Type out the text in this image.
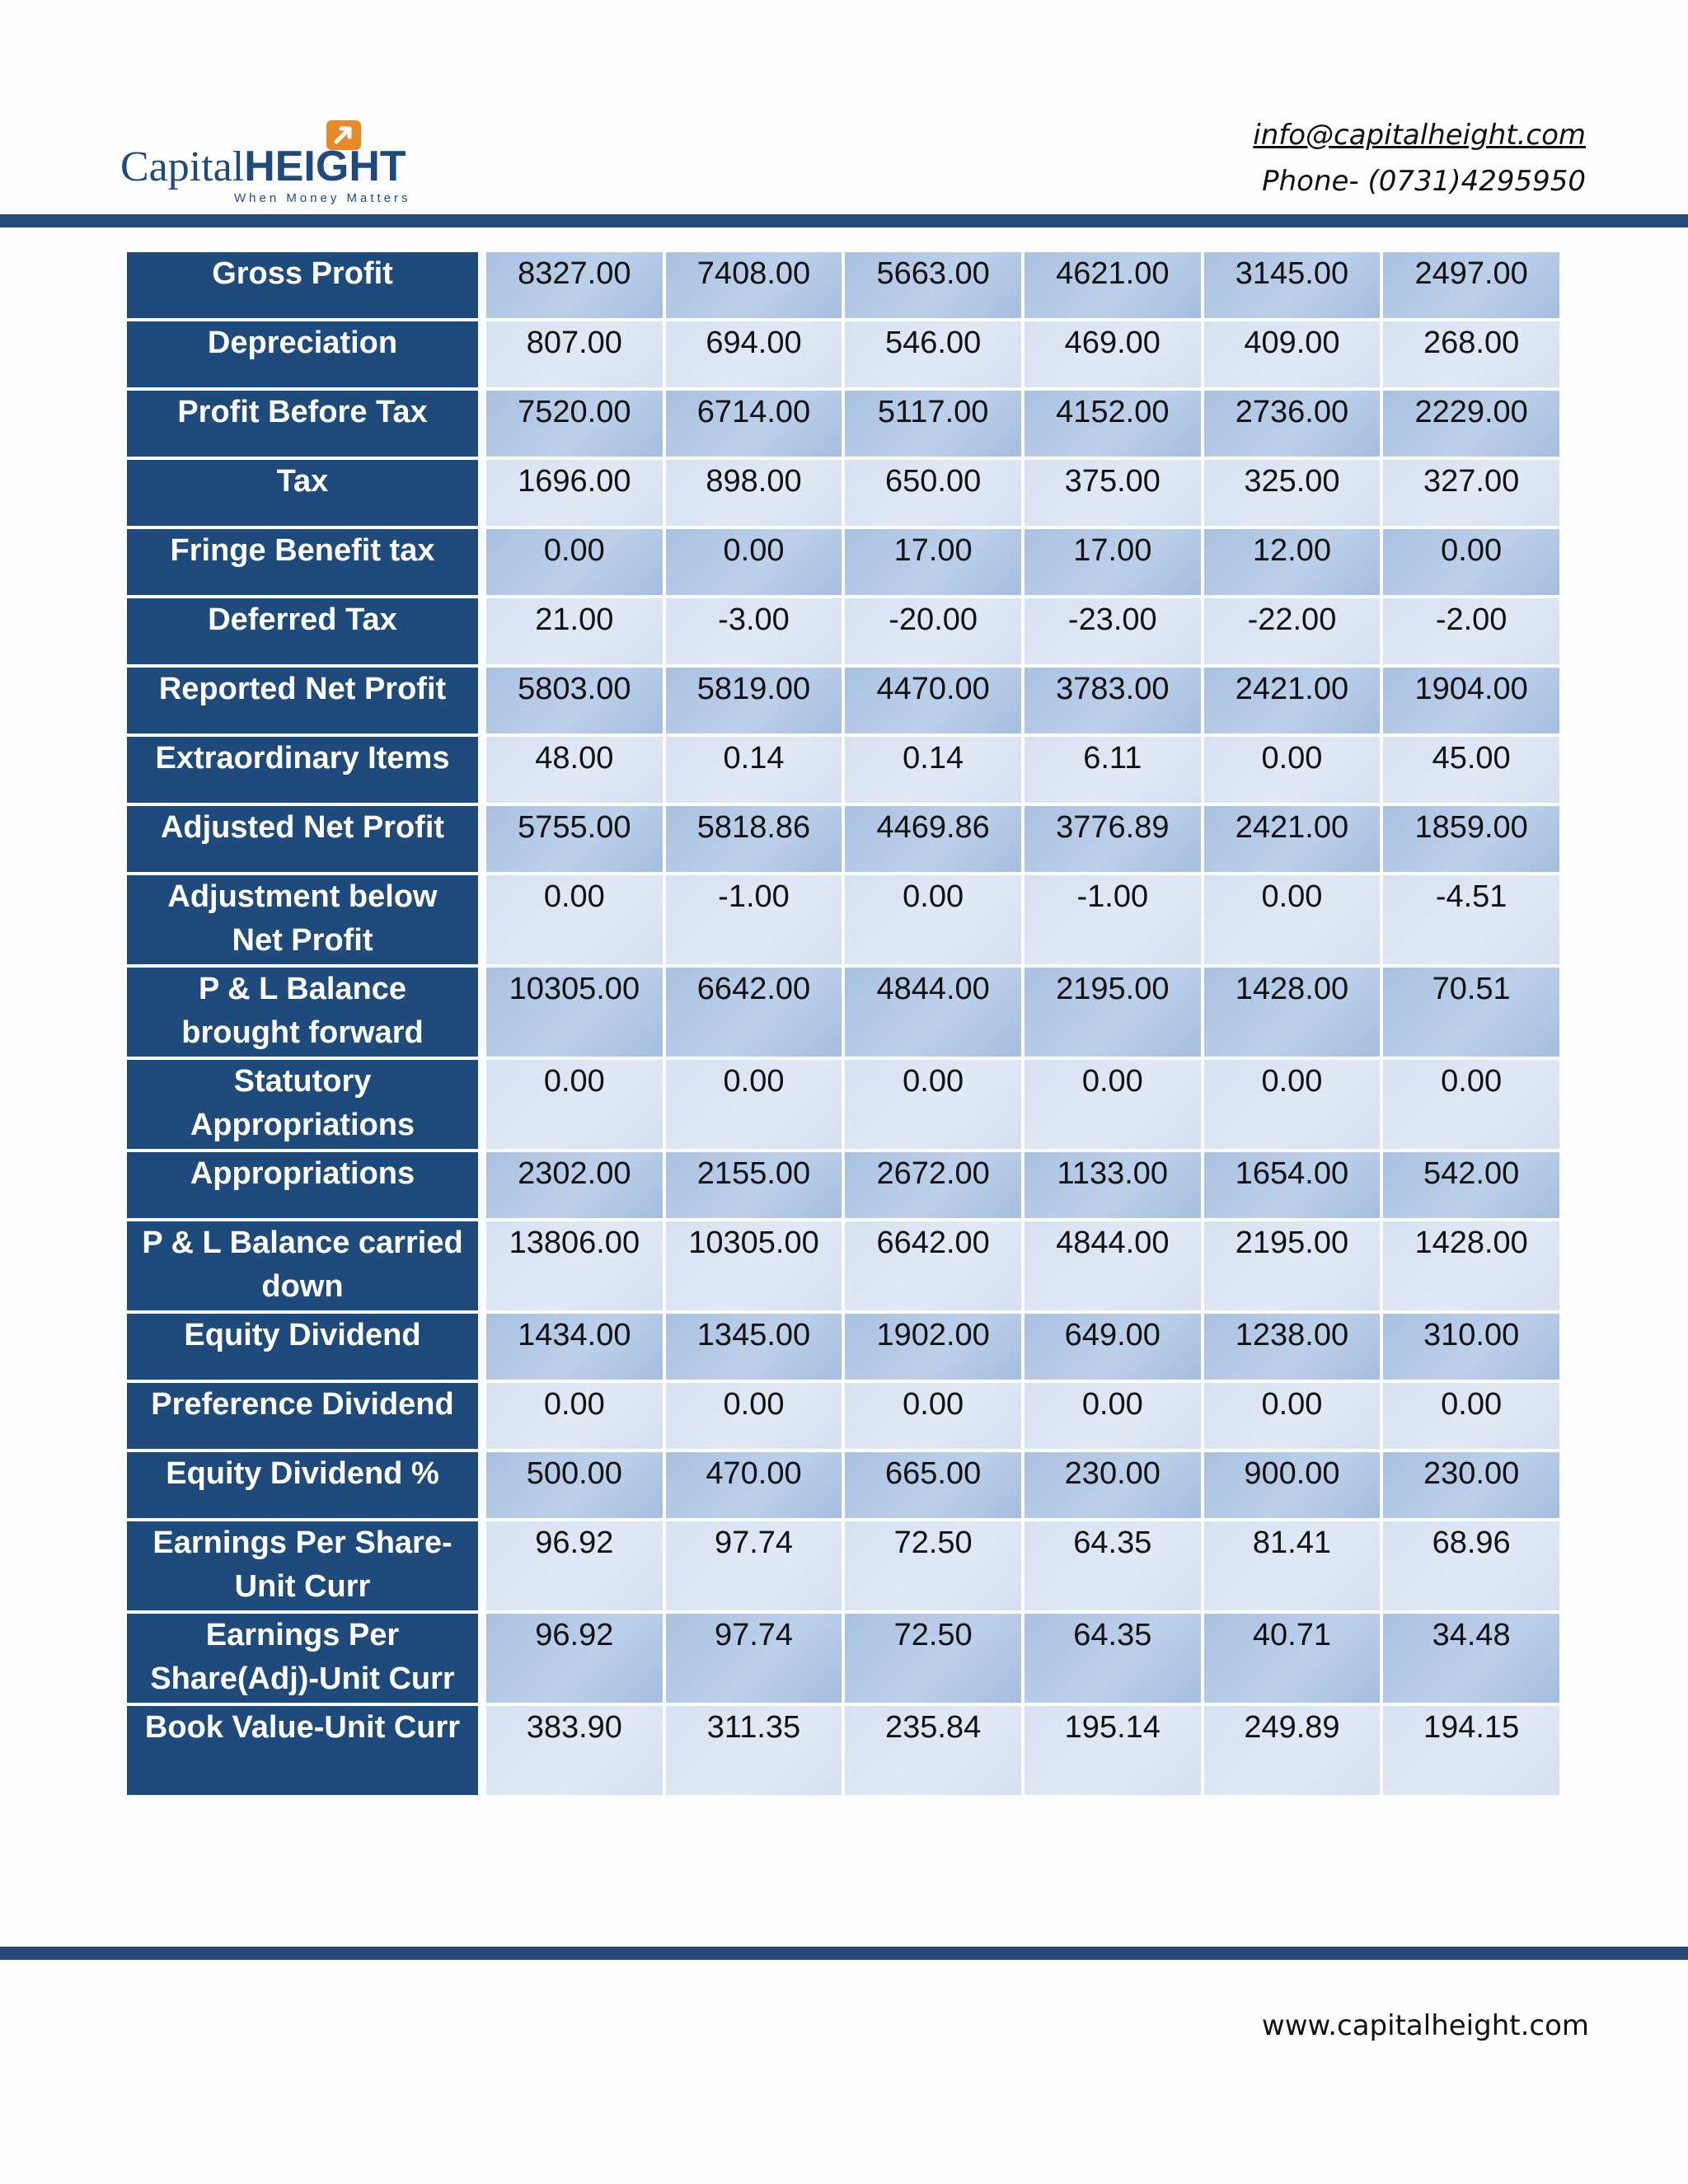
CapitalHEIGHT
When Money Matters
info@capitalheight.com
Phone- (0731)4295950
Gross Profit	8327.00	7408.00	5663.00	4621.00	3145.00	2497.00
Depreciation	807.00	694.00	546.00	469.00	409.00	268.00
Profit Before Tax	7520.00	6714.00	5117.00	4152.00	2736.00	2229.00
Tax	1696.00	898.00	650.00	375.00	325.00	327.00
Fringe Benefit tax	0.00	0.00	17.00	17.00	12.00	0.00
Deferred Tax	21.00	-3.00	-20.00	-23.00	-22.00	-2.00
Reported Net Profit	5803.00	5819.00	4470.00	3783.00	2421.00	1904.00
Extraordinary Items	48.00	0.14	0.14	6.11	0.00	45.00
Adjusted Net Profit	5755.00	5818.86	4469.86	3776.89	2421.00	1859.00
Adjustment below Net Profit	0.00	-1.00	0.00	-1.00	0.00	-4.51
P & L Balance brought forward	10305.00	6642.00	4844.00	2195.00	1428.00	70.51
Statutory Appropriations	0.00	0.00	0.00	0.00	0.00	0.00
Appropriations	2302.00	2155.00	2672.00	1133.00	1654.00	542.00
P & L Balance carried down	13806.00	10305.00	6642.00	4844.00	2195.00	1428.00
Equity Dividend	1434.00	1345.00	1902.00	649.00	1238.00	310.00
Preference Dividend	0.00	0.00	0.00	0.00	0.00	0.00
Equity Dividend %	500.00	470.00	665.00	230.00	900.00	230.00
Earnings Per Share-Unit Curr	96.92	97.74	72.50	64.35	81.41	68.96
Earnings Per Share(Adj)-Unit Curr	96.92	97.74	72.50	64.35	40.71	34.48
Book Value-Unit Curr	383.90	311.35	235.84	195.14	249.89	194.15
www.capitalheight.com
